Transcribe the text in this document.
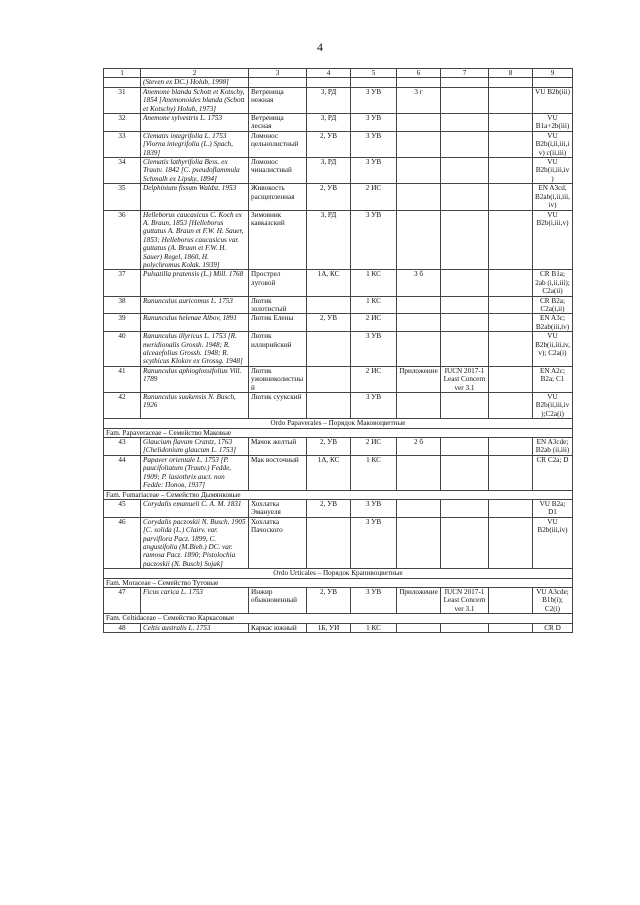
4
1	2	3	4	5	6	7	8	9
	(Steven ex DC.) Holub, 1998]							
31	Anemone blanda Schott et Kotschy, 1854 [Anemonoides blanda (Schott et Kotschy) Holub, 1973]	Ветреница нежная	3, РД	3 УВ	3 г			VU B2b(iii)
32	Anemone sylvestris L. 1753	Ветреница лесная	3, РД	3 УВ				VU B1a+2b(iii)
33	Clematis integrifolia L. 1753 [Viorna integrifolia (L.) Spach, 1839]	Ломонос цельнолистный	2, УВ	3 УВ				VU B2b(i,ii,iii,iv) c(ii,iii)
34	Clematis lathyrifolia Bess. ex Trautv. 1842 [C. pseudoflammula Schmalh ex Lipsky, 1894]	Ломонос чиналистный	3, РД	3 УВ				VU B2b(ii,iii,iv)
35	Delphinium fissum Waldst. 1953	Живокость расщепленная	2, УВ	2 ИС				EN A3cd, B2ab(i,ii,iii,iv)
36	Helleborus caucasicus C. Koch ex A. Braun, 1853 [Helleborus guttatus A. Braun et F.W. H. Sauer, 1853; Helleborus caucasicus var. guttatus (A. Braun et F.W. H. Sauer) Regel, 1860, H. polychromus Kolak. 1939]	Зимовник кавказский	3, РД	3 УВ				VU B2b(i,iii,v)
37	Pulsatilla pratensis (L.) Mill. 1768	Прострел луговой	1А, КС	1 КС	3 б			CR B1a; 2ab (i,ii,iii); C2a(ii)
38	Ranunculus auricomus L. 1753	Лютик золотистый		1 КС				CR B2a; C2a(i,ii)
39	Ranunculus helenae Albov, 1891	Лютик Елены	2, УВ	2 ИС				EN A3c; B2ab(iii,iv)
40	Ranunculus illyricus L. 1753 [R. meridionalis Grossh. 1948; R. alceaefolius Grossh. 1948; R. scythicus Klokov ex Grossg. 1948]	Лютик иллирийский		3 УВ				VU B2b(ii,iii,iv,v); C2a(i)
41	Ranunculus aphioglossifolius Vill. 1789	Лютик ужовниколистный		2 ИС	Приложение	IUCN 2017-1 Least Concern ver 3.1		EN A2c; B2a; C1
42	Ranunculus suukensis N. Busch, 1926	Лютик суукский		3 УВ				VU B2b(ii,iii,iv);C2a(i)
Ordo Papaverales – Порядок Маковоцветные								
Fam. Papaveraceae – Семейство Маковые								
43	Glaucium flavum Crantz, 1763 [Chelidonium glaucum L. 1753]	Мачок желтый	2, УВ	2 ИС	2 б			EN A3cde; B2ab (ii,iii)
44	Papaver orientale L. 1753 [P. paucifoliatum (Trautv.) Fedde, 1909; P. lasiothrix auct. non Fedde: Попов, 1937]	Мак восточный	1А, КС	1 КС				CR C2a; D
Fam. Fumariaceae – Семейство Дымянковые								
45	Corydalis emanueli C. A. M. 1831	Хохлатка Эмануеля	2, УВ	3 УВ				VU B2a; D1
46	Corydalis paczoskii N. Busch, 1905 [C. solida (L.) Clairv. var. parviflora Pacz. 1899, C. angustifolia (M.Bieb.) DC. var. ramosa Pacz. 1890; Pistolochia paczoskii (N. Busch) Sojak]	Хохлатка Пачоского		3 УВ				VU B2b(iii,iv)
Ordo Urticales – Порядок Крапивоцветные								
Fam. Moraceae – Семейство Тутовые								
47	Ficus carica L. 1753	Инжир обыкновенный	2, УВ	3 УВ	Приложение	IUCN 2017-1 Least Concern ver 3.1		VU A3cde; B1b(i); C2(i)
Fam. Celtidaceae – Семейство Каркасовые								
48	Celtis australis L. 1753	Каркас южный	1Б, УИ	1 КС				CR D
